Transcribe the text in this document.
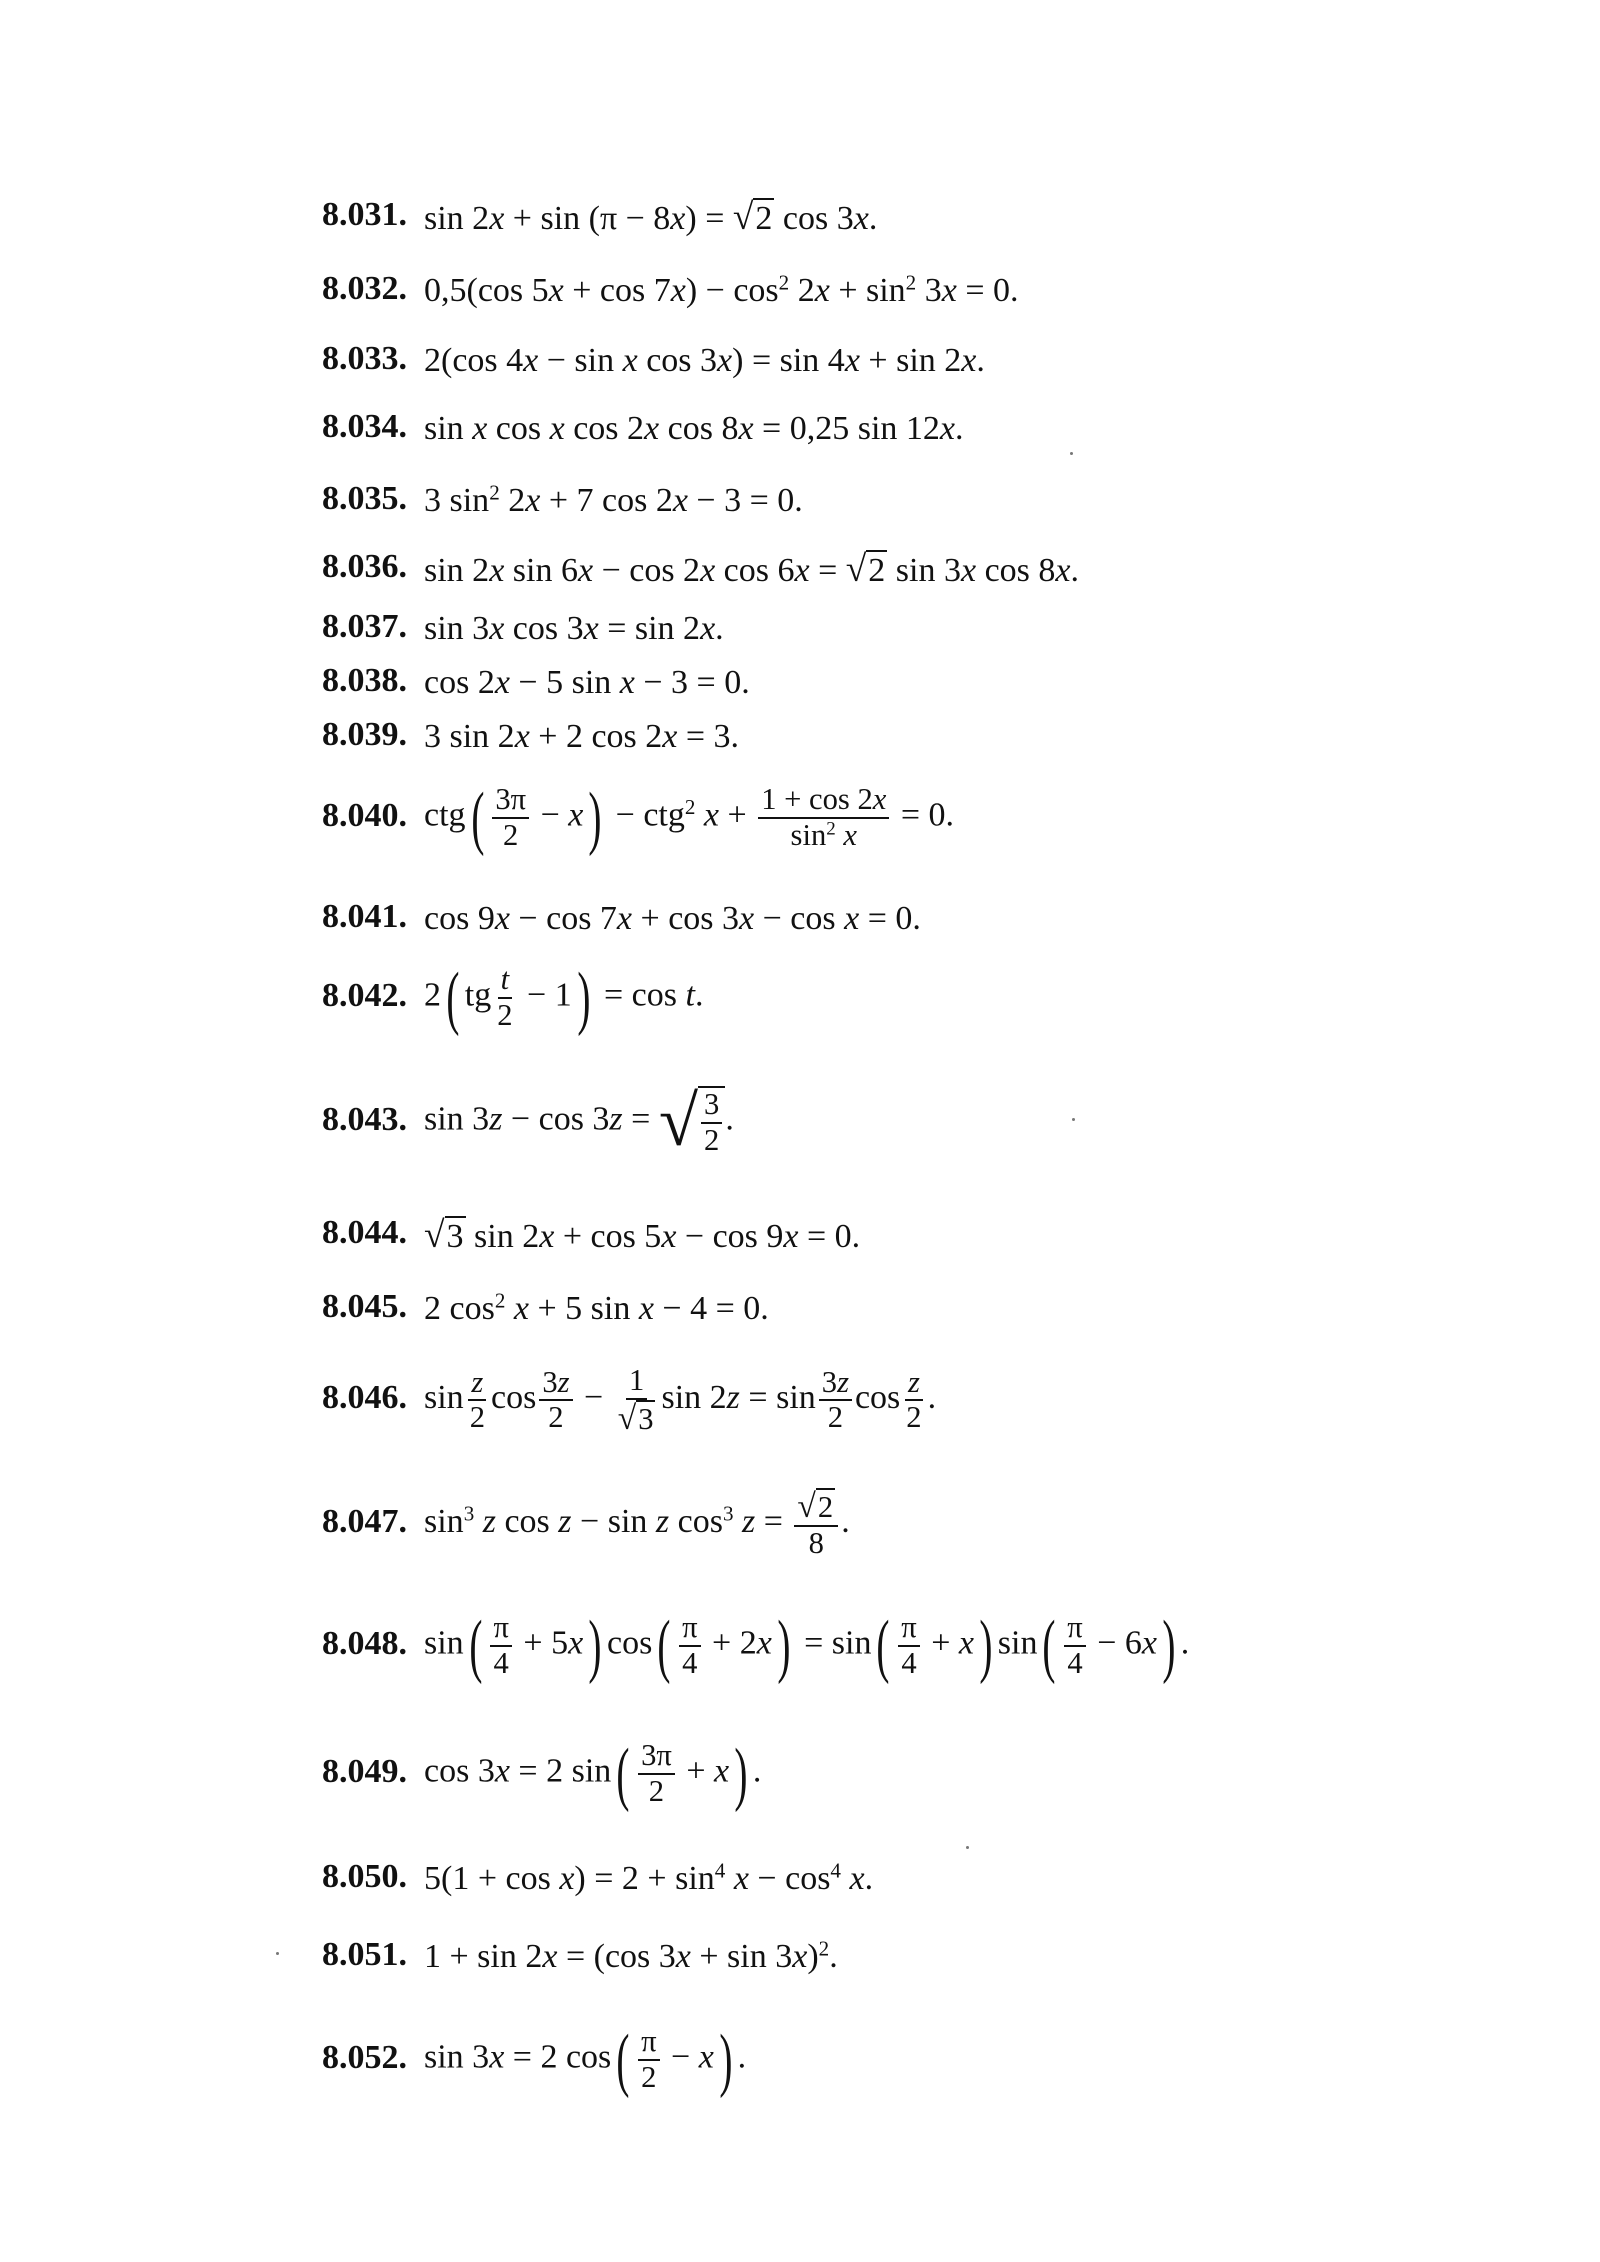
8.031. sin 2x + sin (π − 8x) = √2 cos 3x.
8.032. 0,5(cos $5x + \cos 7x) - \cos^2 2x + \sin^2 3x = 0$.
8.033. 2(cos 4x − sin x cos 3x) = sin 4x + sin 2x.
8.034. sin x cos x cos 2x cos 8x = 0,25 sin 12x.
8.035. 3 $\sin^2 2x + 7$ cos 2x − 3 = 0.
8.036. sin 2x sin 6x − cos 2x cos 6x = √2 sin 3x cos 8x.
8.037. sin 3x cos 3x = sin 2x.
8.038. cos 2x − 5 sin x − 3 = 0.
8.039. 3 sin 2x + 2 cos 2x = 3.
8.040. $ctg( \frac{3\pi}{2} - x) - ctg^2$ $x + \frac{1 + \cos 2x}{\sin^2 x} = 0$.
8.041. cos 9x − cos 7x + cos 3x − cos x = 0.
8.042. 2( tg $\frac{t}{2} - 1) = \cos t$.
8.043. sin 3z − cos 3z = √ $\frac{3}{2}$ .
8.044. √3 sin 2x + cos 5x − cos 9x = 0.
8.045. 2 $\cos^2 x + 5$ sin x − 4 = 0.
8.046. $\sin \frac{z}{2}$ $\cos \frac{3z}{2} - \frac{1}{√3}$ $\sin 2z = \sin \frac{3z}{2}$ $\cos \frac{z}{2}$ .
8.047. $\sin^3 z$ cos z − sin z $\cos^3 z = \frac{√2}{8}$ .
8.048. $\sin( \frac{\pi}{4} + 5x)$ $\cos( \frac{\pi}{4} + 2x) = \sin( \frac{\pi}{4} + x)$ $\sin( \frac{\pi}{4} - 6x)$ .
8.049. cos 3x = 2 $\sin( \frac{3\pi}{2} + x)$ .
8.050. $5(1 + \cos x) = 2 + \sin^4 x - \cos^4 x$.
8.051. 1 + sin 2x = (cos 3x + sin 3x)$^2$.
8.052. sin 3x = 2 $\cos( \frac{\pi}{2} - x)$ .
